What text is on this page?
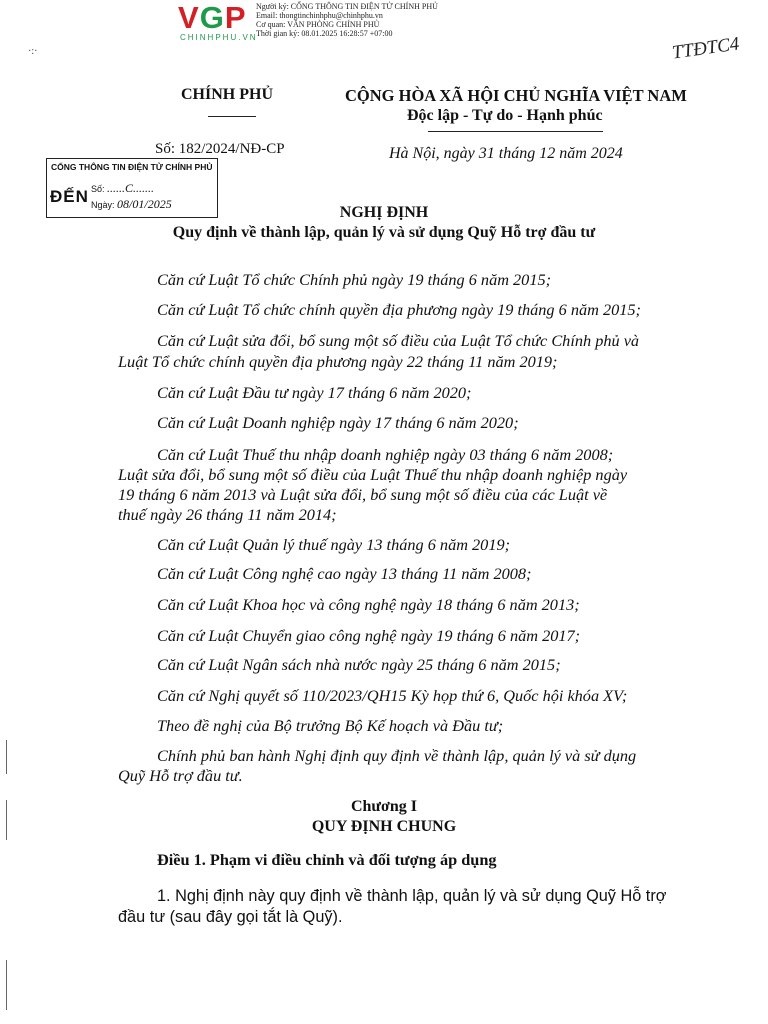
VGP
CHINHPHU.VN
Người ký: CỔNG THÔNG TIN ĐIỆN TỬ CHÍNH PHỦ
Email: thongtinchinhphu@chinhphu.vn
Cơ quan: VĂN PHÒNG CHÍNH PHỦ
Thời gian ký: 08.01.2025 16:28:57 +07:00	TTĐTC4
·:·
CHÍNH PHỦ	CỘNG HÒA XÃ HỘI CHỦ NGHĨA VIỆT NAM
Độc lập - Tự do - Hạnh phúc
Số: 182/2024/NĐ-CP	Hà Nội, ngày 31 tháng 12 năm 2024
CỔNG THÔNG TIN ĐIỆN TỬ CHÍNH PHỦ
ĐẾN Số: ......C.......
Ngày: 08/01/2025	NGHỊ ĐỊNH
Quy định về thành lập, quản lý và sử dụng Quỹ Hỗ trợ đầu tư
Căn cứ Luật Tổ chức Chính phủ ngày 19 tháng 6 năm 2015;
Căn cứ Luật Tổ chức chính quyền địa phương ngày 19 tháng 6 năm 2015;
Căn cứ Luật sửa đổi, bổ sung một số điều của Luật Tổ chức Chính phủ và
Luật Tổ chức chính quyền địa phương ngày 22 tháng 11 năm 2019;
Căn cứ Luật Đầu tư ngày 17 tháng 6 năm 2020;
Căn cứ Luật Doanh nghiệp ngày 17 tháng 6 năm 2020;
Căn cứ Luật Thuế thu nhập doanh nghiệp ngày 03 tháng 6 năm 2008;
Luật sửa đổi, bổ sung một số điều của Luật Thuế thu nhập doanh nghiệp ngày
19 tháng 6 năm 2013 và Luật sửa đổi, bổ sung một số điều của các Luật về
thuế ngày 26 tháng 11 năm 2014;
Căn cứ Luật Quản lý thuế ngày 13 tháng 6 năm 2019;
Căn cứ Luật Công nghệ cao ngày 13 tháng 11 năm 2008;
Căn cứ Luật Khoa học và công nghệ ngày 18 tháng 6 năm 2013;
Căn cứ Luật Chuyển giao công nghệ ngày 19 tháng 6 năm 2017;
Căn cứ Luật Ngân sách nhà nước ngày 25 tháng 6 năm 2015;
Căn cứ Nghị quyết số 110/2023/QH15 Kỳ họp thứ 6, Quốc hội khóa XV;
Theo đề nghị của Bộ trưởng Bộ Kế hoạch và Đầu tư;
Chính phủ ban hành Nghị định quy định về thành lập, quản lý và sử dụng
Quỹ Hỗ trợ đầu tư.
Chương I
QUY ĐỊNH CHUNG
Điều 1. Phạm vi điều chỉnh và đối tượng áp dụng
1. Nghị định này quy định về thành lập, quản lý và sử dụng Quỹ Hỗ trợ
đầu tư (sau đây gọi tắt là Quỹ).
